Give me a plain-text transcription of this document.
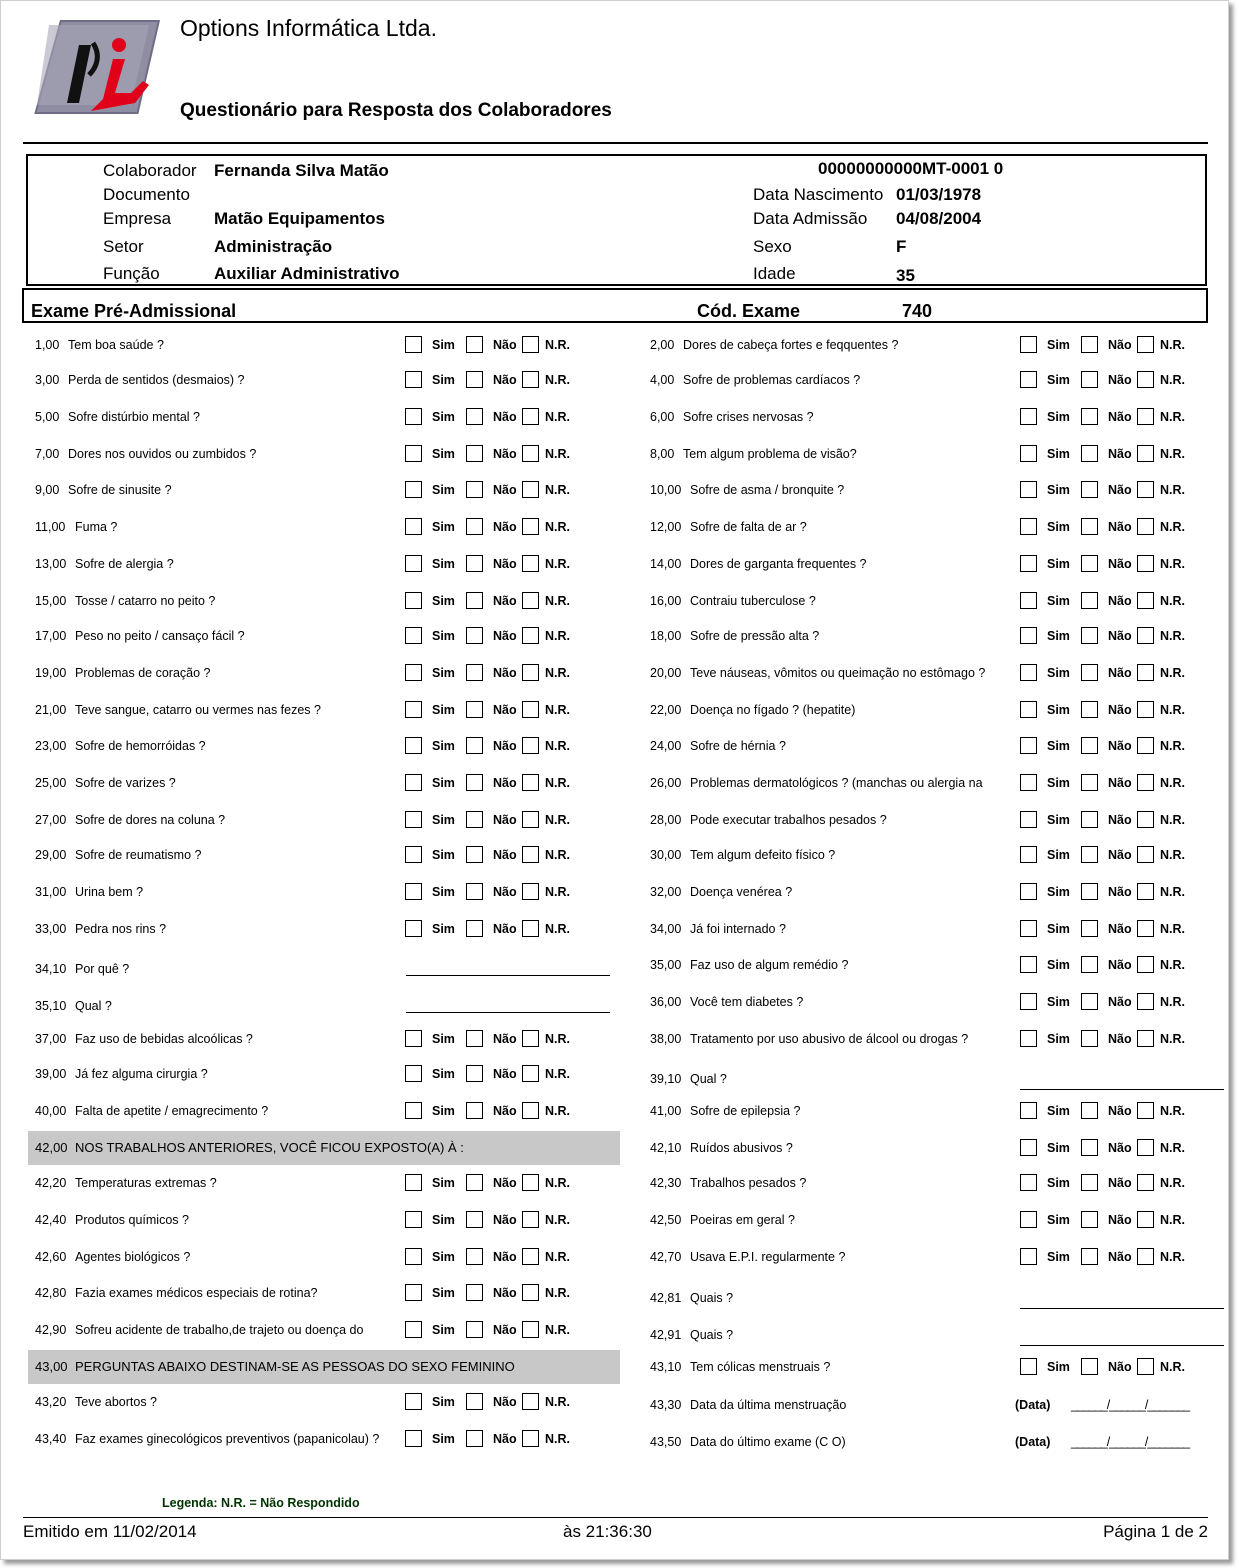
Options Informática Ltda.
Questionário para Resposta dos Colaboradores
Colaborador Fernanda Silva Matão	00000000000MT-0001 0
Documento	Data Nascimento 01/03/1978
Empresa	Matão Equipamentos	Data Admissão 04/08/2004
Setor	Administração	Sexo	F
Função	Auxiliar Administrativo	Idade	35
Exame Pré-Admissional	Cód. Exame	740
1,00 Tem boa saúde ?	Sim	Não N.R.
3,00 Perda de sentidos (desmaios) ?	Sim	Não N.R.
5,00 Sofre distúrbio mental ?	Sim	Não N.R.
7,00 Dores nos ouvidos ou zumbidos ?	Sim	Não N.R.
9,00 Sofre de sinusite ?	Sim	Não N.R.
11,00 Fuma ?	Sim	Não N.R.
13,00 Sofre de alergia ?	Sim	Não N.R.
15,00 Tosse / catarro no peito ?	Sim	Não N.R.
17,00 Peso no peito / cansaço fácil ?	Sim	Não N.R.
19,00 Problemas de coração ?	Sim	Não N.R.
21,00 Teve sangue, catarro ou vermes nas fezes ?	Sim	Não N.R.
23,00 Sofre de hemorróidas ?	Sim	Não N.R.
25,00 Sofre de varizes ?	Sim	Não N.R.
27,00 Sofre de dores na coluna ?	Sim	Não N.R.
29,00 Sofre de reumatismo ?	Sim	Não N.R.
31,00 Urina bem ?	Sim	Não N.R.
33,00 Pedra nos rins ?	Sim	Não N.R.
34,10 Por quê ?
35,10 Qual ?
37,00 Faz uso de bebidas alcoólicas ?	Sim	Não N.R.
39,00 Já fez alguma cirurgia ?	Sim	Não N.R.
40,00 Falta de apetite / emagrecimento ?	Sim	Não N.R.
42,00 NOS TRABALHOS ANTERIORES, VOCÊ FICOU EXPOSTO(A) À :
42,20 Temperaturas extremas ?	Sim	Não N.R.
42,40 Produtos químicos ?	Sim	Não N.R.
42,60 Agentes biológicos ?	Sim	Não N.R.
42,80 Fazia exames médicos especiais de rotina?	Sim	Não N.R.
42,90 Sofreu acidente de trabalho,de trajeto ou doença do	Sim	Não N.R.
43,00 PERGUNTAS ABAIXO DESTINAM-SE AS PESSOAS DO SEXO FEMININO
43,20 Teve abortos ?	Sim	Não N.R.
43,40 Faz exames ginecológicos preventivos (papanicolau) ?	Sim	Não N.R.
2,00 Dores de cabeça fortes e feqquentes ?	Sim	Não N.R.
4,00 Sofre de problemas cardíacos ?	Sim	Não N.R.
6,00 Sofre crises nervosas ?	Sim	Não N.R.
8,00 Tem algum problema de visão?	Sim	Não N.R.
10,00 Sofre de asma / bronquite ?	Sim	Não N.R.
12,00 Sofre de falta de ar ?	Sim	Não N.R.
14,00 Dores de garganta frequentes ?	Sim	Não N.R.
16,00 Contraiu tuberculose ?	Sim	Não N.R.
18,00 Sofre de pressão alta ?	Sim	Não N.R.
20,00 Teve náuseas, vômitos ou queimação no estômago ?	Sim	Não N.R.
22,00 Doença no fígado ? (hepatite)	Sim	Não N.R.
24,00 Sofre de hérnia ?	Sim	Não N.R.
26,00 Problemas dermatológicos ? (manchas ou alergia na	Sim	Não N.R.
28,00 Pode executar trabalhos pesados ?	Sim	Não N.R.
30,00 Tem algum defeito físico ?	Sim	Não N.R.
32,00 Doença venérea ?	Sim	Não N.R.
34,00 Já foi internado ?	Sim	Não N.R.
35,00 Faz uso de algum remédio ?	Sim	Não N.R.
36,00 Você tem diabetes ?	Sim	Não N.R.
38,00 Tratamento por uso abusivo de álcool ou drogas ?	Sim	Não N.R.
39,10 Qual ?
41,00 Sofre de epilepsia ?	Sim	Não N.R.
42,10 Ruídos abusivos ?	Sim	Não N.R.
42,30 Trabalhos pesados ?	Sim	Não N.R.
42,50 Poeiras em geral ?	Sim	Não N.R.
42,70 Usava E.P.I. regularmente ?	Sim	Não N.R.
42,81 Quais ?
42,91 Quais ?
43,10 Tem cólicas menstruais ?	Sim	Não N.R.
43,30 Data da última menstruação	(Data) ______/______/_______
43,50 Data do último exame (C O)	(Data) ______/______/_______
Legenda: N.R. = Não Respondido
Emitido em 11/02/2014	às 21:36:30	Página 1 de 2
